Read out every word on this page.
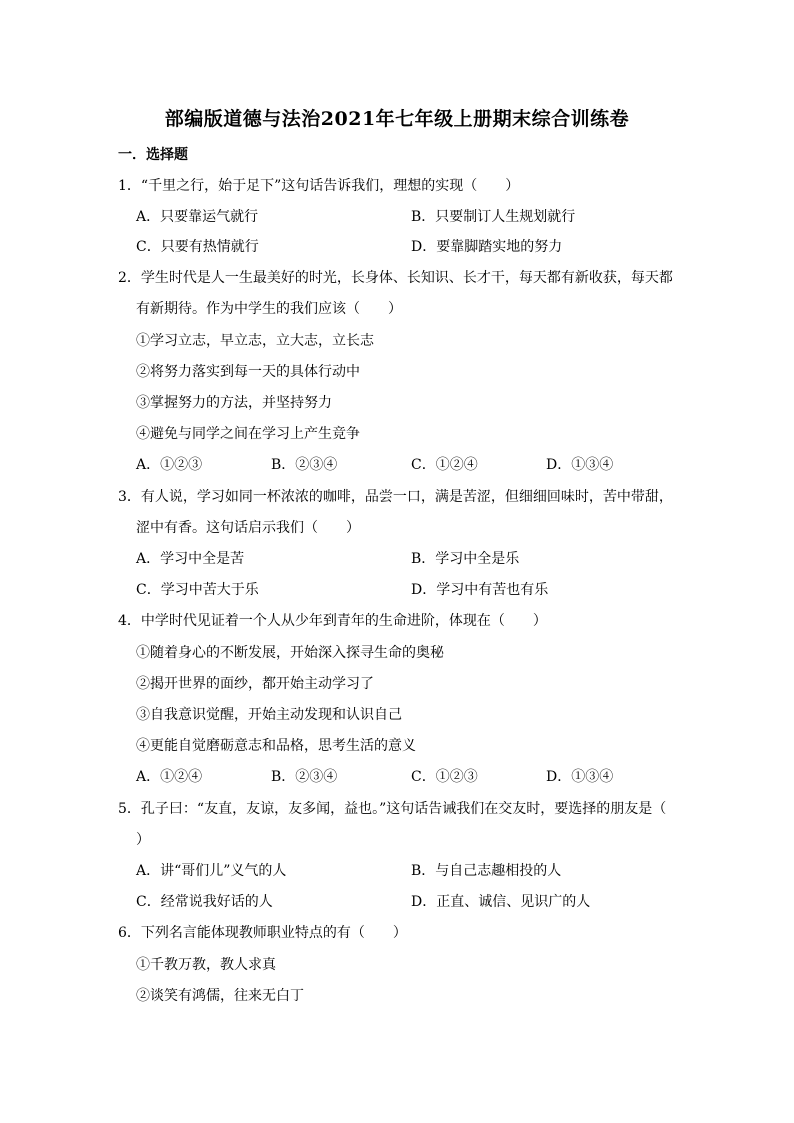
部编版道德与法治2021年七年级上册期末综合训练卷
一．选择题
1．“千里之行，始于足下”这句话告诉我们，理想的实现（　　）
A．只要靠运气就行	B．只要制订人生规划就行
C．只要有热情就行	D．要靠脚踏实地的努力
2．学生时代是人一生最美好的时光，长身体、长知识、长才干，每天都有新收获，每天都
有新期待。作为中学生的我们应该（　　）
①学习立志，早立志，立大志，立长志
②将努力落实到每一天的具体行动中
③掌握努力的方法，并坚持努力
④避免与同学之间在学习上产生竞争
A．①②③	B．②③④	C．①②④	D．①③④
3．有人说，学习如同一杯浓浓的咖啡，品尝一口，满是苦涩，但细细回味时，苦中带甜，
涩中有香。这句话启示我们（　　）
A．学习中全是苦	B．学习中全是乐
C．学习中苦大于乐	D．学习中有苦也有乐
4．中学时代见证着一个人从少年到青年的生命进阶，体现在（　　）
①随着身心的不断发展，开始深入探寻生命的奥秘
②揭开世界的面纱，都开始主动学习了
③自我意识觉醒，开始主动发现和认识自己
④更能自觉磨砺意志和品格，思考生活的意义
A．①②④	B．②③④	C．①②③	D．①③④
5．孔子曰：“友直，友谅，友多闻，益也。”这句话告诫我们在交友时，要选择的朋友是（
）
A．讲“哥们儿”义气的人	B．与自己志趣相投的人
C．经常说我好话的人	D．正直、诚信、见识广的人
6．下列名言能体现教师职业特点的有（　　）
①千教万教，教人求真
②谈笑有鸿儒，往来无白丁
